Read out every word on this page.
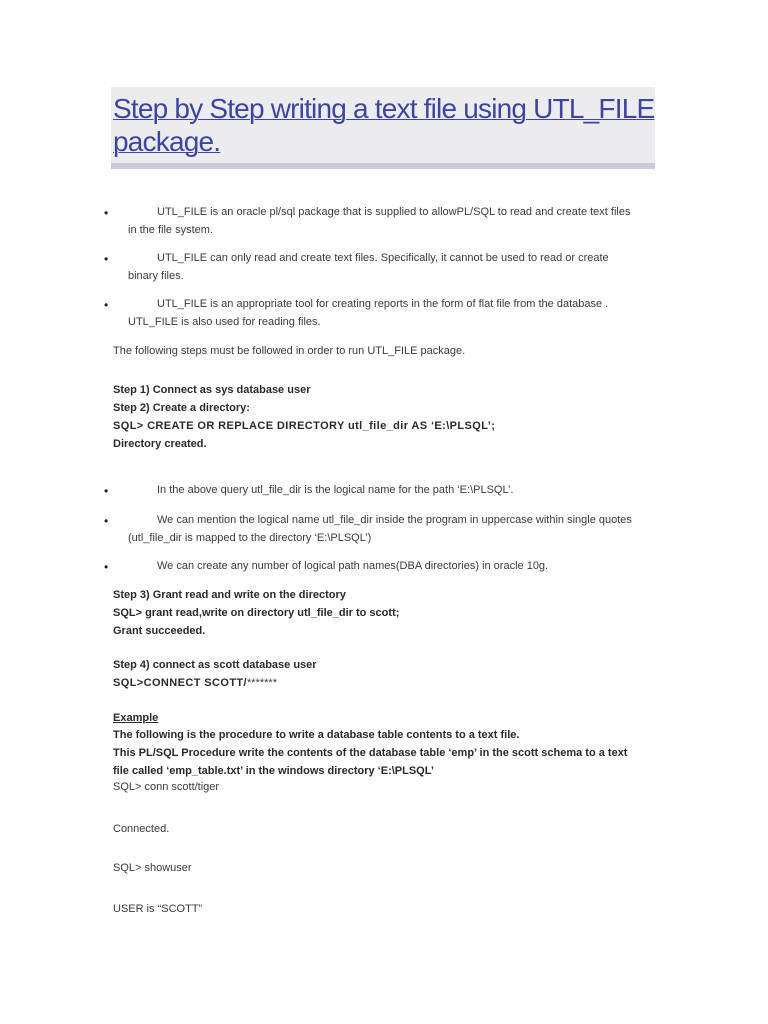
Step by Step writing a text file using UTL_FILE package.
•	UTL_FILE is an oracle pl/sql package that is supplied to allowPL/SQL to read and create text files
in the file system.
•	UTL_FILE can only read and create text files. Specifically, it cannot be used to read or create
binary files.
•	UTL_FILE is an appropriate tool for creating reports in the form of flat file from the database .
UTL_FILE is also used for reading files.
The following steps must be followed in order to run UTL_FILE package.
Step 1) Connect as sys database user
Step 2) Create a directory:
SQL> CREATE OR REPLACE DIRECTORY utl_file_dir AS ‘E:\PLSQL’;
Directory created.
•	In the above query utl_file_dir is the logical name for the path ‘E:\PLSQL’.
•	We can mention the logical name utl_file_dir inside the program in uppercase within single quotes
(utl_file_dir is mapped to the directory ‘E:\PLSQL’)
•	We can create any number of logical path names(DBA directories) in oracle 10g.
Step 3) Grant read and write on the directory
SQL> grant read,write on directory utl_file_dir to scott;
Grant succeeded.
Step 4) connect as scott database user
SQL>CONNECT SCOTT/*******
Example
The following is the procedure to write a database table contents to a text file.
This PL/SQL Procedure write the contents of the database table ‘emp’ in the scott schema to a text
file called ‘emp_table.txt’ in the windows directory ‘E:\PLSQL’
SQL> conn scott/tiger
Connected.
SQL> showuser
USER is “SCOTT”
